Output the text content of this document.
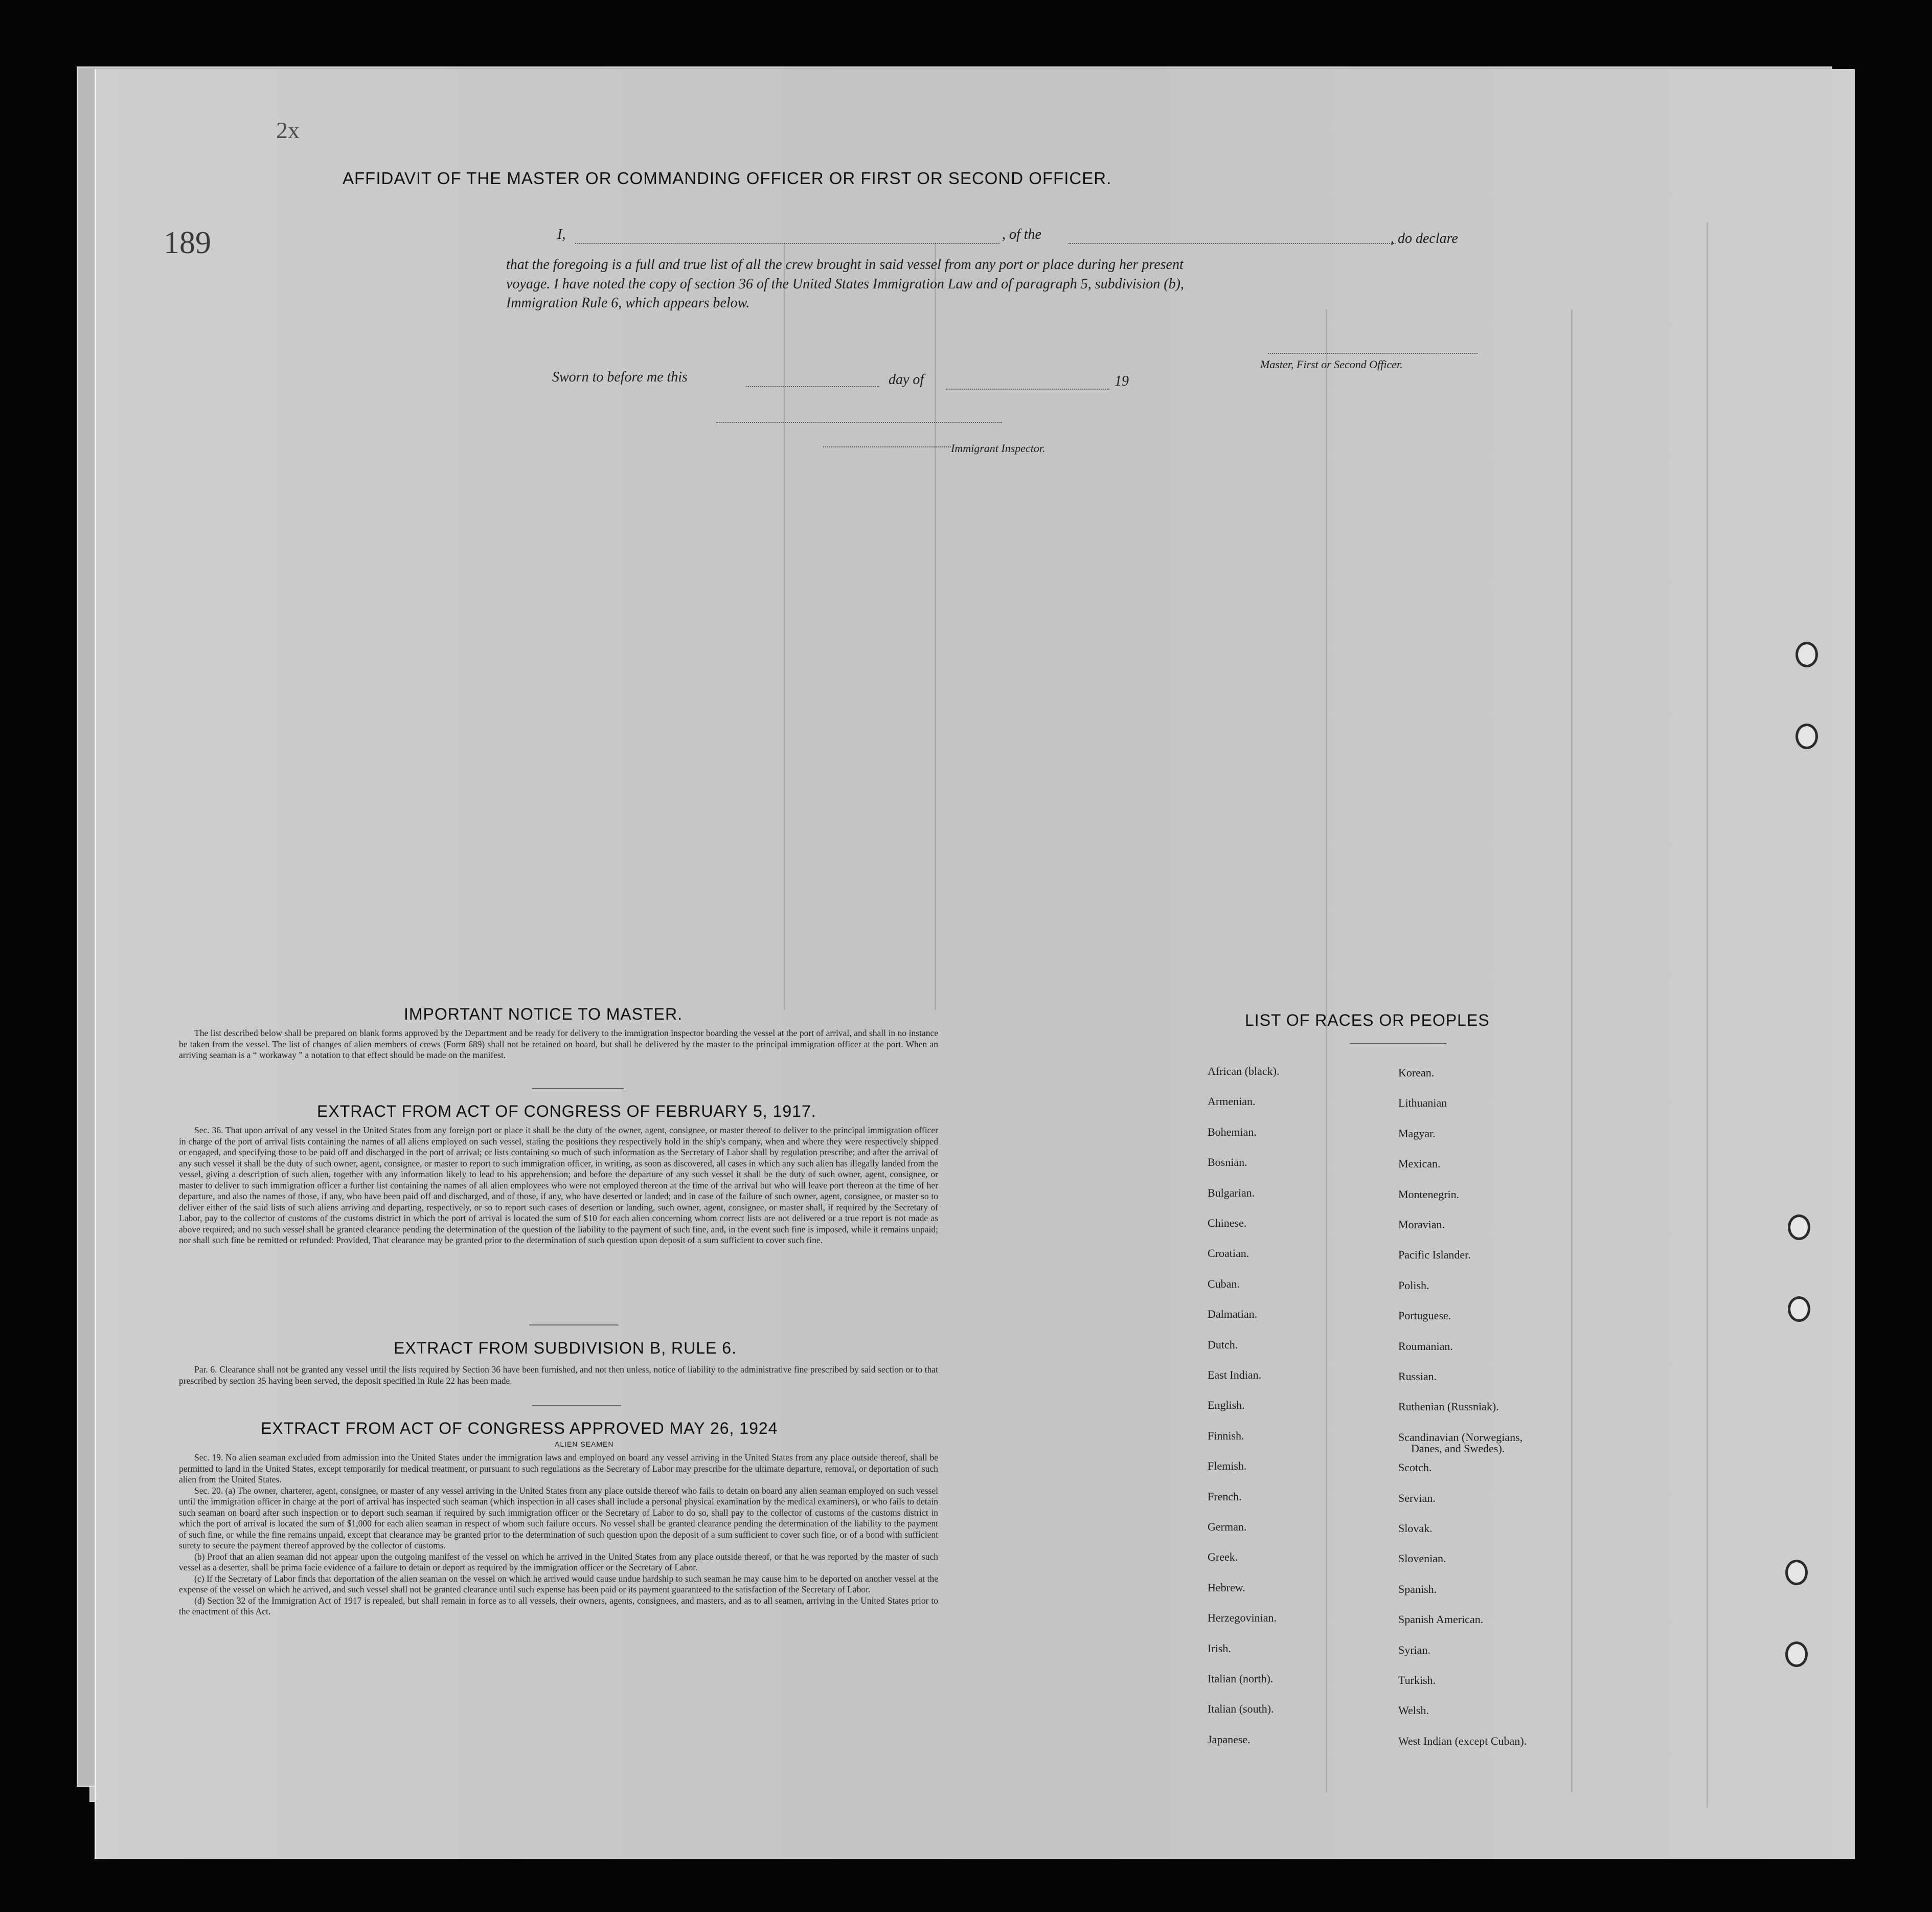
189
2x
AFFIDAVIT OF THE MASTER OR COMMANDING OFFICER OR FIRST OR SECOND OFFICER.
I,	, of the	, do declare
that the foregoing is a full and true list of all the crew brought in said vessel from any port or place during her present
voyage. I have noted the copy of section 36 of the United States Immigration Law and of paragraph 5, subdivision (b),
Immigration Rule 6, which appears below.
Master, First or Second Officer.
Sworn to before me this	day of	19
Immigrant Inspector.
IMPORTANT NOTICE TO MASTER.

The list described below shall be prepared on blank forms approved by the Department and be ready for delivery to the immigration inspector boarding the vessel at the port of arrival, and shall in no instance be taken from the vessel. The list of changes of alien members of crews (Form 689) shall not be retained on board, but shall be delivered by the master to the principal immigration officer at the port. When an arriving seaman is a “ workaway ” a notation to that effect should be made on the manifest.

EXTRACT FROM ACT OF CONGRESS OF FEBRUARY 5, 1917.

Sec. 36. That upon arrival of any vessel in the United States from any foreign port or place it shall be the duty of the owner, agent, consignee, or master thereof to deliver to the principal immigration officer in charge of the port of arrival lists containing the names of all aliens employed on such vessel, stating the positions they respectively hold in the ship's company, when and where they were respectively shipped or engaged, and specifying those to be paid off and discharged in the port of arrival; or lists containing so much of such information as the Secretary of Labor shall by regulation prescribe; and after the arrival of any such vessel it shall be the duty of such owner, agent, consignee, or master to report to such immigration officer, in writing, as soon as discovered, all cases in which any such alien has illegally landed from the vessel, giving a description of such alien, together with any information likely to lead to his apprehension; and before the departure of any such vessel it shall be the duty of such owner, agent, consignee, or master to deliver to such immigration officer a further list containing the names of all alien employees who were not employed thereon at the time of the arrival but who will leave port thereon at the time of her departure, and also the names of those, if any, who have been paid off and discharged, and of those, if any, who have deserted or landed; and in case of the failure of such owner, agent, consignee, or master so to deliver either of the said lists of such aliens arriving and departing, respectively, or so to report such cases of desertion or landing, such owner, agent, consignee, or master shall, if required by the Secretary of Labor, pay to the collector of customs of the customs district in which the port of arrival is located the sum of $10 for each alien concerning whom correct lists are not delivered or a true report is not made as above required; and no such vessel shall be granted clearance pending the determination of the question of the liability to the payment of such fine, and, in the event such fine is imposed, while it remains unpaid; nor shall such fine be remitted or refunded: Provided, That clearance may be granted prior to the determination of such question upon deposit of a sum sufficient to cover such fine.

EXTRACT FROM SUBDIVISION B, RULE 6.

Par. 6. Clearance shall not be granted any vessel until the lists required by Section 36 have been furnished, and not then unless, notice of liability to the administrative fine prescribed by said section or to that prescribed by section 35 having been served, the deposit specified in Rule 22 has been made.

EXTRACT FROM ACT OF CONGRESS APPROVED MAY 26, 1924
ALIEN SEAMEN

Sec. 19. No alien seaman excluded from admission into the United States under the immigration laws and employed on board any vessel arriving in the United States from any place outside thereof, shall be permitted to land in the United States, except temporarily for medical treatment, or pursuant to such regulations as the Secretary of Labor may prescribe for the ultimate departure, removal, or deportation of such alien from the United States.

Sec. 20. (a) The owner, charterer, agent, consignee, or master of any vessel arriving in the United States from any place outside thereof who fails to detain on board any alien seaman employed on such vessel until the immigration officer in charge at the port of arrival has inspected such seaman (which inspection in all cases shall include a personal physical examination by the medical examiners), or who fails to detain such seaman on board after such inspection or to deport such seaman if required by such immigration officer or the Secretary of Labor to do so, shall pay to the collector of customs of the customs district in which the port of arrival is located the sum of $1,000 for each alien seaman in respect of whom such failure occurs. No vessel shall be granted clearance pending the determination of the liability to the payment of such fine, or while the fine remains unpaid, except that clearance may be granted prior to the determination of such question upon the deposit of a sum sufficient to cover such fine, or of a bond with sufficient surety to secure the payment thereof approved by the collector of customs.

(b) Proof that an alien seaman did not appear upon the outgoing manifest of the vessel on which he arrived in the United States from any place outside thereof, or that he was reported by the master of such vessel as a deserter, shall be prima facie evidence of a failure to detain or deport as required by the immigration officer or the Secretary of Labor.

(c) If the Secretary of Labor finds that deportation of the alien seaman on the vessel on which he arrived would cause undue hardship to such seaman he may cause him to be deported on another vessel at the expense of the vessel on which he arrived, and such vessel shall not be granted clearance until such expense has been paid or its payment guaranteed to the satisfaction of the Secretary of Labor.

(d) Section 32 of the Immigration Act of 1917 is repealed, but shall remain in force as to all vessels, their owners, agents, consignees, and masters, and as to all seamen, arriving in the United States prior to the enactment of this Act.

LIST OF RACES OR PEOPLES
African (black).
Armenian.
Bohemian.
Bosnian.
Bulgarian.
Chinese.
Croatian.
Cuban.
Dalmatian.
Dutch.
East Indian.
English.
Finnish.
Flemish.
French.
German.
Greek.
Hebrew.
Herzegovinian.
Irish.
Italian (north).
Italian (south).
Japanese.
Korean.
Lithuanian
Magyar.
Mexican.
Montenegrin.
Moravian.
Pacific Islander.
Polish.
Portuguese.
Roumanian.
Russian.
Ruthenian (Russniak).
Scandinavian (Norwegians,
Scotch.
Servian.
Slovak.
Slovenian.
Spanish.
Spanish American.
Syrian.
Turkish.
Welsh.
West Indian (except Cuban).
Danes, and Swedes).
